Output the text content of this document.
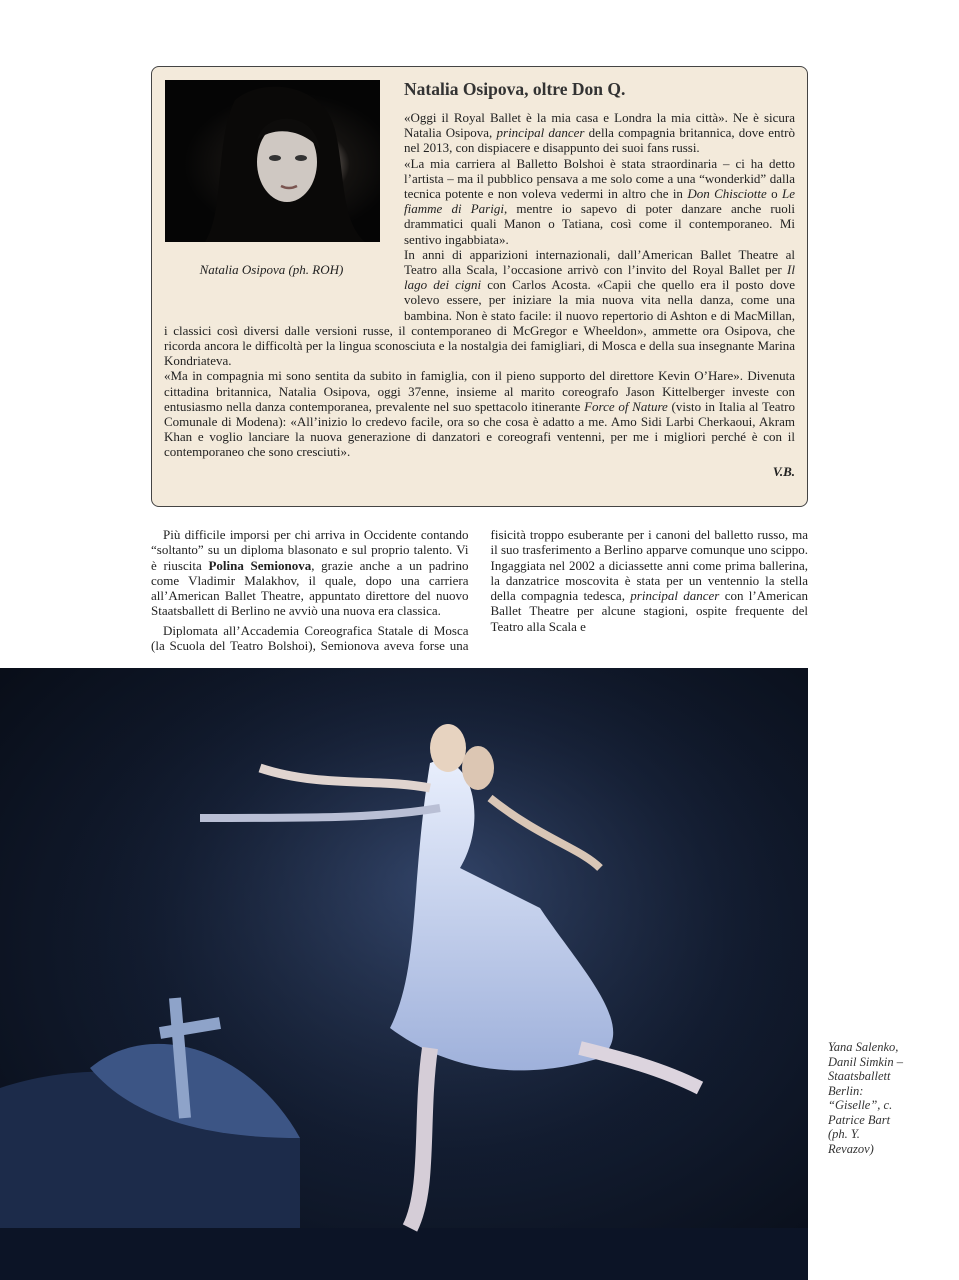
Natalia Osipova (ph. ROH)
Natalia Osipova, oltre Don Q.

«Oggi il Royal Ballet è la mia casa e Londra la mia città». Ne è sicura Natalia Osipova, principal dancer della compagnia britannica, dove entrò nel 2013, con dispiacere e disappunto dei suoi fans russi.

«La mia carriera al Balletto Bolshoi è stata straordinaria – ci ha detto l’artista – ma il pubblico pensava a me solo come a una “wonderkid” dalla tecnica potente e non voleva vedermi in altro che in Don Chisciotte o Le fiamme di Parigi, mentre io sapevo di poter danzare anche ruoli drammatici quali Manon o Tatiana, così come il contemporaneo. Mi sentivo ingabbiata».

In anni di apparizioni internazionali, dall’American Ballet Theatre al Teatro alla Scala, l’occasione arrivò con l’invito del Royal Ballet per Il lago dei cigni con Carlos Acosta. «Capii che quello era il posto dove volevo essere, per iniziare la mia nuova vita nella danza, come una bambina. Non è stato facile: il nuovo repertorio di Ashton e di MacMillan, i classici così diversi dalle versioni russe, il contemporaneo di McGregor e Wheeldon», ammette ora Osipova, che ricorda ancora le difficoltà per la lingua sconosciuta e la nostalgia dei famigliari, di Mosca e della sua insegnante Marina Kondriateva.

«Ma in compagnia mi sono sentita da subito in famiglia, con il pieno supporto del direttore Kevin O’Hare». Divenuta cittadina britannica, Natalia Osipova, oggi 37enne, insieme al marito coreografo Jason Kittelberger investe con entusiasmo nella danza contemporanea, prevalente nel suo spettacolo itinerante Force of Nature (visto in Italia al Teatro Comunale di Modena): «All’inizio lo credevo facile, ora so che cosa è adatto a me. Amo Sidi Larbi Cherkaoui, Akram Khan e voglio lanciare la nuova generazione di danzatori e coreografi ventenni, per me i migliori perché è con il contemporaneo che sono cresciuti».

V.B.

Più difficile imporsi per chi arriva in Occidente contando “soltanto” su un diploma blasonato e sul proprio talento. Vi è riuscita Polina Semionova, grazie anche a un padrino come Vladimir Malakhov, il quale, dopo una carriera all’American Ballet Theatre, appuntato direttore del nuovo Staatsballett di Berlino ne avviò una nuova era classica.

Diplomata all’Accademia Coreografica Statale di Mosca (la Scuola del Teatro Bolshoi), Semionova aveva forse una fisicità troppo esuberante per i canoni del balletto russo, ma il suo trasferimento a Berlino apparve comunque uno scippo. Ingaggiata nel 2002 a diciassette anni come prima ballerina, la danzatrice moscovita è stata per un ventennio la stella della compagnia tedesca, principal dancer con l’American Ballet Theatre per alcune stagioni, ospite frequente del Teatro alla Scala e

Yana Salenko, Danil Simkin – Staatsballett Berlin: “Giselle”, c. Patrice Bart (ph. Y. Revazov)
